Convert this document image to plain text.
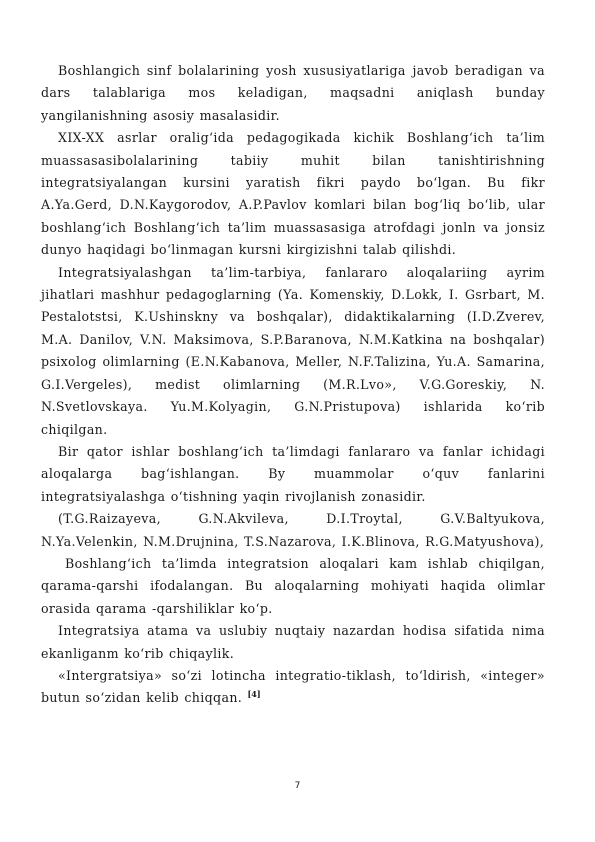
Boshlangich sinf bolalarining yosh xususiyatlariga javob beradigan va dars talablariga mos keladigan, maqsadni aniqlash bunday yangilanishning asosiy masalasidir.

XIX-XX asrlar oralig‘ida pedagogikada kichik Boshlang‘ich ta’lim muassasasibolalarining tabiiy muhit bilan tanishtirishning integratsiyalangan kursini yaratish fikri paydo bo‘lgan. Bu fikr A.Ya.Gerd, D.N.Kaygorodov, A.P.Pavlov komlari bilan bog‘liq bo‘lib, ular boshlang‘ich Boshlang‘ich ta’lim muassasasiga atrofdagi jonln va jonsiz dunyo haqidagi bo‘linmagan kursni kirgizishni talab qilishdi.

Integratsiyalashgan ta’lim-tarbiya, fanlararo aloqalariing ayrim jihatlari mashhur pedagoglarning (Ya. Komenskiy, D.Lokk, I. Gsrbart, M. Pestalotstsi, K.Ushinskny va boshqalar), didaktikalarning (I.D.Zverev, M.A. Danilov, V.N. Maksimova, S.P.Baranova, N.M.Katkina na boshqalar) psixolog olimlarning (E.N.Kabanova, Meller, N.F.Talizina, Yu.A. Samarina, G.I.Vergeles), medist olimlarning (M.R.Lvo», V.G.Goreskiy, N. N.Svetlovskaya. Yu.M.Kolyagin, G.N.Pristupova) ishlarida ko‘rib chiqilgan.

Bir qator ishlar boshlang‘ich ta’limdagi fanlararo va fanlar ichidagi aloqalarga bag‘ishlangan. By muammolar o‘quv fanlarini integratsiyalashga o‘tishning yaqin rivojlanish zonasidir.

(T.G.Raizayeva, G.N.Akvileva, D.I.Troytal, G.V.Baltyukova, N.Ya.Velenkin, N.M.Drujnina, T.S.Nazarova, I.K.Blinova, R.G.Matyushova),

Boshlang‘ich ta’limda integratsion aloqalari kam ishlab chiqilgan, qarama-qarshi ifodalangan. Bu aloqalarning mohiyati haqida olimlar orasida qarama -qarshiliklar ko‘p.

Integratsiya atama va uslubiy nuqtaiy nazardan hodisa sifatida nima ekanliganm ko‘rib chiqaylik.

«Intergratsiya» so‘zi lotincha integratio-tiklash, to‘ldirish, «integer» butun so‘zidan kelib chiqqan. [4]

7
